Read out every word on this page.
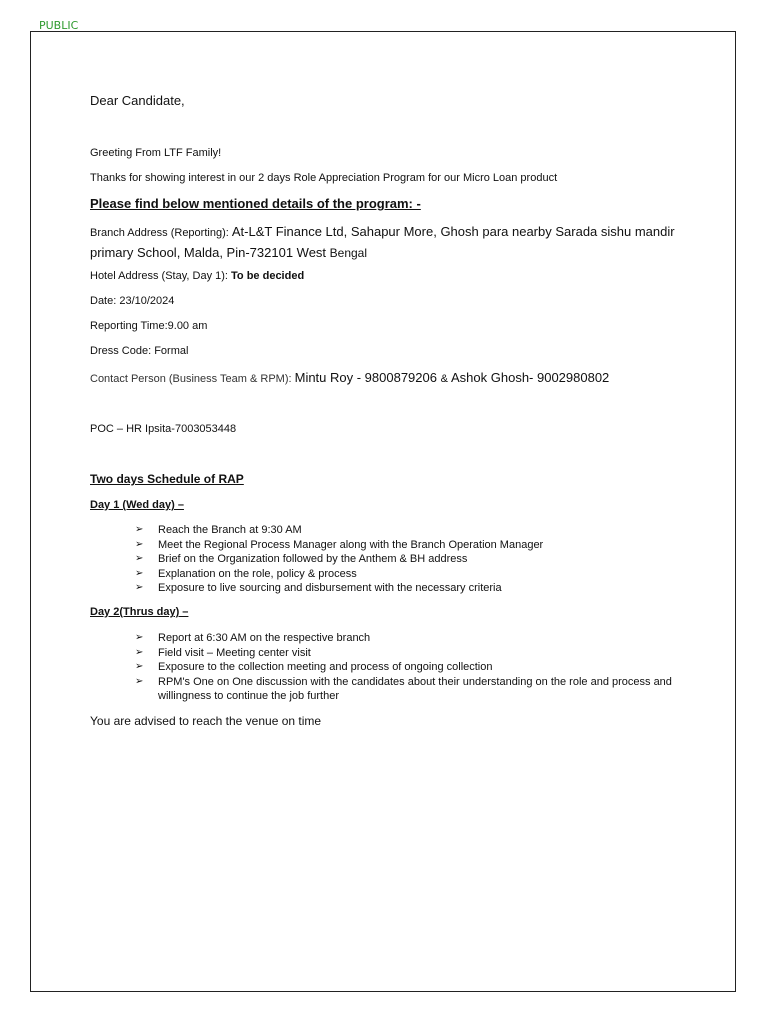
PUBLIC
Dear Candidate,
Greeting From LTF Family!
Thanks for showing interest in our 2 days Role Appreciation Program for our Micro Loan product
Please find below mentioned details of the program: -
Branch Address (Reporting): At-L&T Finance Ltd, Sahapur More, Ghosh para nearby Sarada sishu mandir primary School, Malda, Pin-732101 West Bengal
Hotel Address (Stay, Day 1): To be decided
Date: 23/10/2024
Reporting Time:9.00 am
Dress Code: Formal
Contact Person (Business Team & RPM): Mintu Roy - 9800879206 & Ashok Ghosh- 9002980802
POC – HR Ipsita-7003053448
Two days Schedule of RAP
Day 1 (Wed day) –
➢ Reach the Branch at 9:30 AM
➢ Meet the Regional Process Manager along with the Branch Operation Manager
➢ Brief on the Organization followed by the Anthem & BH address
➢ Explanation on the role, policy & process
➢ Exposure to live sourcing and disbursement with the necessary criteria
Day 2(Thrus day) –
➢ Report at 6:30 AM on the respective branch
➢ Field visit – Meeting center visit
➢ Exposure to the collection meeting and process of ongoing collection
➢ RPM's One on One discussion with the candidates about their understanding on the role and process and willingness to continue the job further
You are advised to reach the venue on time
